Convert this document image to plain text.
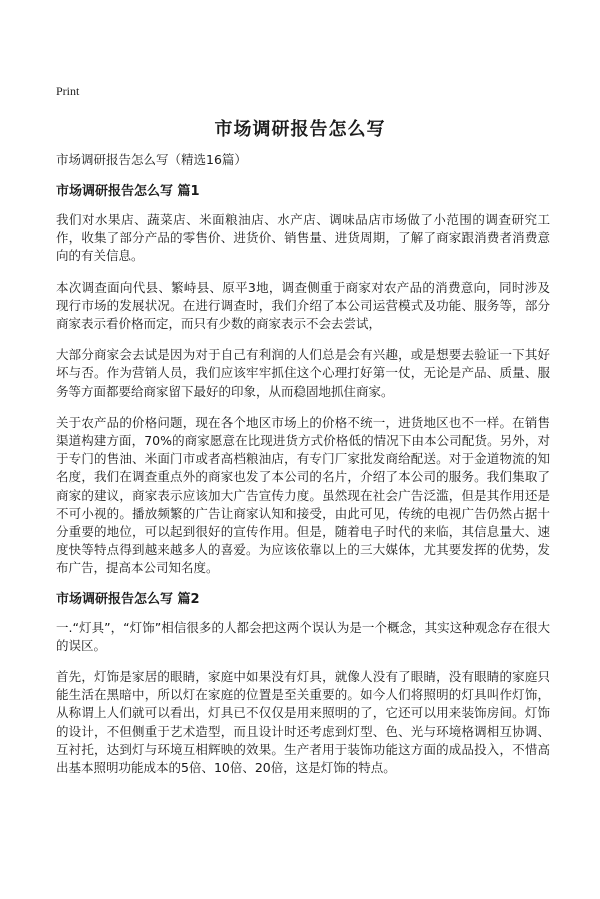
Print
市场调研报告怎么写
市场调研报告怎么写（精选16篇）
市场调研报告怎么写 篇1

我们对水果店、蔬菜店、米面粮油店、水产店、调味品店市场做了小范围的调查研究工作，收集了部分产品的零售价、进货价、销售量、进货周期，了解了商家跟消费者消费意向的有关信息。

本次调查面向代县、繁峙县、原平3地，调查侧重于商家对农产品的消费意向，同时涉及现行市场的发展状况。在进行调查时，我们介绍了本公司运营模式及功能、服务等，部分商家表示看价格而定，而只有少数的商家表示不会去尝试，

大部分商家会去试是因为对于自己有利润的人们总是会有兴趣，或是想要去验证一下其好坏与否。作为营销人员，我们应该牢牢抓住这个心理打好第一仗，无论是产品、质量、服务等方面都要给商家留下最好的印象，从而稳固地抓住商家。

关于农产品的价格问题，现在各个地区市场上的价格不统一，进货地区也不一样。在销售渠道构建方面，70%的商家愿意在比现进货方式价格低的情况下由本公司配货。另外，对于专门的售油、米面门市或者高档粮油店，有专门厂家批发商给配送。对于金道物流的知名度，我们在调查重点外的商家也发了本公司的名片，介绍了本公司的服务。我们集取了商家的建议，商家表示应该加大广告宣传力度。虽然现在社会广告泛滥，但是其作用还是不可小视的。播放频繁的广告让商家认知和接受，由此可见，传统的电视广告仍然占据十分重要的地位，可以起到很好的宣传作用。但是，随着电子时代的来临，其信息量大、速度快等特点得到越来越多人的喜爱。为应该依靠以上的三大媒体，尤其要发挥的优势，发布广告，提高本公司知名度。

市场调研报告怎么写 篇2

一.“灯具”，“灯饰”相信很多的人都会把这两个误认为是一个概念，其实这种观念存在很大的误区。

首先，灯饰是家居的眼睛，家庭中如果没有灯具，就像人没有了眼睛，没有眼睛的家庭只能生活在黑暗中，所以灯在家庭的位置是至关重要的。如今人们将照明的灯具叫作灯饰，从称谓上人们就可以看出，灯具已不仅仅是用来照明的了，它还可以用来装饰房间。灯饰的设计，不但侧重于艺术造型，而且设计时还考虑到灯型、色、光与环境格调相互协调、互衬托，达到灯与环境互相辉映的效果。生产者用于装饰功能这方面的成品投入，不惜高出基本照明功能成本的5倍、10倍、20倍，这是灯饰的特点。
